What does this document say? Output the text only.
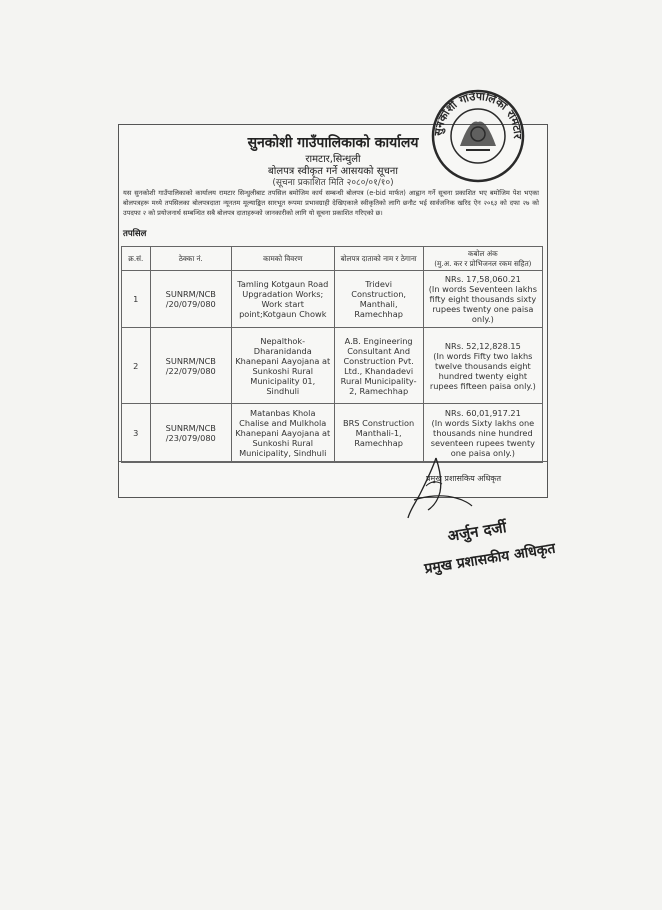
सुनकोशी गाउँपालिकाको कार्यालय
रामटार,सिन्धुली
बोलपत्र स्वीकृत गर्ने आसयको सूचना
(सूचना प्रकाशित मिति २०८०/०१/१०)
यस सुनकोशी गाउँपालिकाको कार्यालय रामटार सिन्धुलीबाट तपसिल बमोजिम कार्य सम्बन्धी बोलपत्र (e-bid मार्फत) आह्वान गर्ने सूचना प्रकाशित भए बमोजिम पेश भएका बोलपत्रहरू मध्ये तपसिलका बोलपत्रदाता न्यूनतम मूल्याङ्कित सारभूत रूपमा प्रभावग्राही देखिएकाले स्वीकृतिको लागि छनौट भई सार्वजनिक खरिद ऐन २०६३ को दफा २७ को उपदफा २ को प्रयोजनार्थ सम्बन्धित सबै बोलपत्र दाताहरूको जानकारीको लागि यो सूचना प्रकाशित गरिएको छ।
तपसिल
क्र.सं.	ठेक्का नं.	कामको विवरण	बोलपत्र दाताको नाम र ठेगाना	कबोल अंक
(मु.अ. कर र प्रोभिजनल रकम सहित)

1	SUNRM/NCB /20/079/080	Tamling Kotgaun Road Upgradation Works; Work start point;Kotgaun Chowk	Tridevi Construction, Manthali, Ramechhap	NRs. 17,58,060.21
(In words Seventeen lakhs fifty eight thousands sixty rupees twenty one paisa only.)

2	SUNRM/NCB /22/079/080	Nepalthok-Dharanidanda Khanepani Aayojana at Sunkoshi Rural Municipality 01, Sindhuli	A.B. Engineering Consultant And Construction Pvt. Ltd., Khandadevi Rural Municipality-2, Ramechhap	NRs. 52,12,828.15
(In words Fifty two lakhs twelve thousands eight hundred twenty eight rupees fifteen paisa only.)

3	SUNRM/NCB /23/079/080	Matanbas Khola Chalise and Mulkhola Khanepani Aayojana at Sunkoshi Rural Municipality, Sindhuli	BRS Construction Manthali-1, Ramechhap	NRs. 60,01,917.21
(In words Sixty lakhs one thousands nine hundred seventeen rupees twenty one paisa only.)
प्रमुख प्रशासकिय अधिकृत
सुनकोशी गाउँपालिका रामटार
अर्जुन दर्जी
प्रमुख प्रशासकीय अधिकृत
